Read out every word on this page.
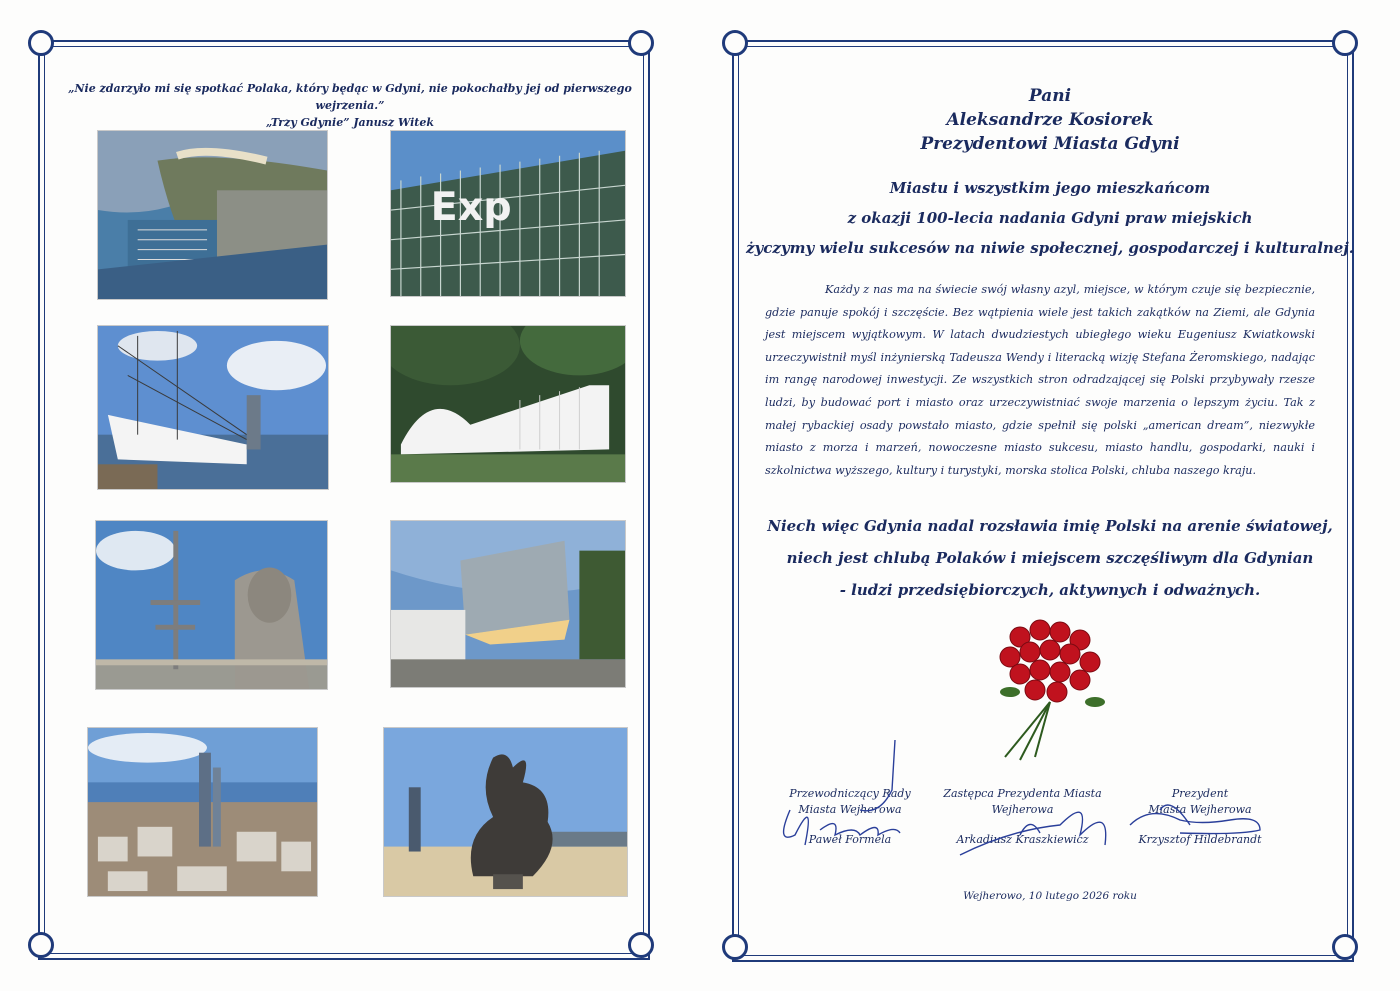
„Nie zdarzyło mi się spotkać Polaka, który będąc w Gdyni, nie pokochałby jej od pierwszego wejrzenia.”
„Trzy Gdynie” Janusz Witek
Exp
Pani
Aleksandrze Kosiorek
Prezydentowi Miasta Gdyni
Miastu i wszystkim jego mieszkańcom
z okazji 100-lecia nadania Gdyni praw miejskich
życzymy wielu sukcesów na niwie społecznej, gospodarczej i kulturalnej.

Każdy z nas ma na świecie swój własny azyl, miejsce, w którym czuje się bezpiecznie, gdzie panuje spokój i szczęście. Bez wątpienia wiele jest takich zakątków na Ziemi, ale Gdynia jest miejscem wyjątkowym. W latach dwudziestych ubiegłego wieku Eugeniusz Kwiatkowski urzeczywistnił myśl inżynierską Tadeusza Wendy i literacką wizję Stefana Żeromskiego, nadając im rangę narodowej inwestycji. Ze wszystkich stron odradzającej się Polski przybywały rzesze ludzi, by budować port i miasto oraz urzeczywistniać swoje marzenia o lepszym życiu. Tak z małej rybackiej osady powstało miasto, gdzie spełnił się polski „american dream”, niezwykłe miasto z morza i marzeń, nowoczesne miasto sukcesu, miasto handlu, gospodarki, nauki i szkolnictwa wyższego, kultury i turystyki, morska stolica Polski, chluba naszego kraju.

Niech więc Gdynia nadal rozsławia imię Polski na arenie światowej,
niech jest chlubą Polaków i miejscem szczęśliwym dla Gdynian
- ludzi przedsiębiorczych, aktywnych i odważnych.
Przewodniczący Rady
Miasta Wejherowa
Paweł Formela
Zastępca Prezydenta Miasta
Wejherowa
Arkadiusz Kraszkiewicz
Prezydent
Miasta Wejherowa
Krzysztof Hildebrandt
Wejherowo, 10 lutego 2026 roku
